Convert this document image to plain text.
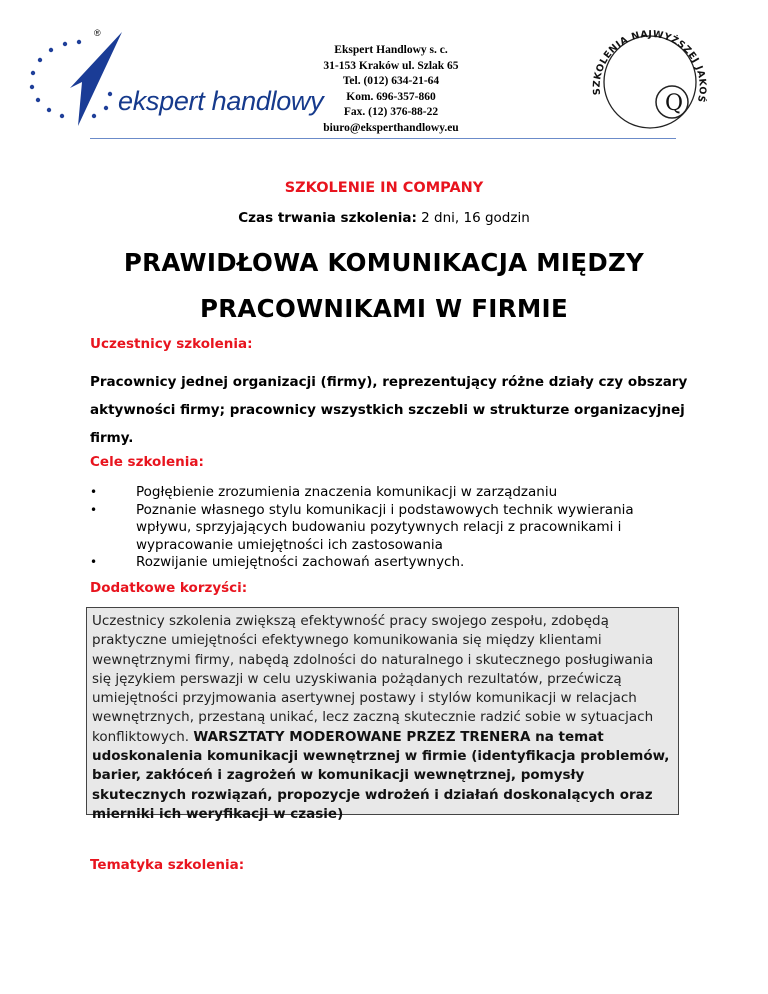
®
ekspert handlowy
Ekspert Handlowy s. c.
31-153 Kraków ul. Szlak 65
Tel. (012) 634-21-64
Kom. 696-357-860
Fax. (12) 376-88-22
biuro@eksperthandlowy.eu
SZKOLENIA NAJWYŻSZEJ JAKOŚ
Q
SZKOLENIE IN COMPANY
Czas trwania szkolenia: 2 dni, 16 godzin
PRAWIDŁOWA KOMUNIKACJA MIĘDZY
PRACOWNIKAMI W FIRMIE
Uczestnicy szkolenia:
Pracownicy jednej organizacji (firmy), reprezentujący różne działy czy obszary aktywności firmy; pracownicy wszystkich szczebli w strukturze organizacyjnej firmy.
Cele szkolenia:
•	Pogłębienie zrozumienia znaczenia komunikacji w zarządzaniu
•	Poznanie własnego stylu komunikacji i podstawowych technik wywierania wpływu, sprzyjających budowaniu pozytywnych relacji z pracownikami i wypracowanie umiejętności ich zastosowania
•	Rozwijanie umiejętności zachowań asertywnych.
Dodatkowe korzyści:
Uczestnicy szkolenia zwiększą efektywność pracy swojego zespołu, zdobędą praktyczne umiejętności efektywnego komunikowania się między klientami wewnętrznymi firmy, nabędą zdolności do naturalnego i skutecznego posługiwania się językiem perswazji w celu uzyskiwania pożądanych rezultatów, przećwiczą umiejętności przyjmowania asertywnej postawy i stylów komunikacji w relacjach wewnętrznych, przestaną unikać, lecz zaczną skutecznie radzić sobie w sytuacjach konfliktowych. WARSZTATY MODEROWANE PRZEZ TRENERA na temat udoskonalenia komunikacji wewnętrznej w firmie (identyfikacja problemów, barier, zakłóceń i zagrożeń w komunikacji wewnętrznej, pomysły skutecznych rozwiązań, propozycje wdrożeń i działań doskonalących oraz mierniki ich weryfikacji w czasie)
Tematyka szkolenia:
